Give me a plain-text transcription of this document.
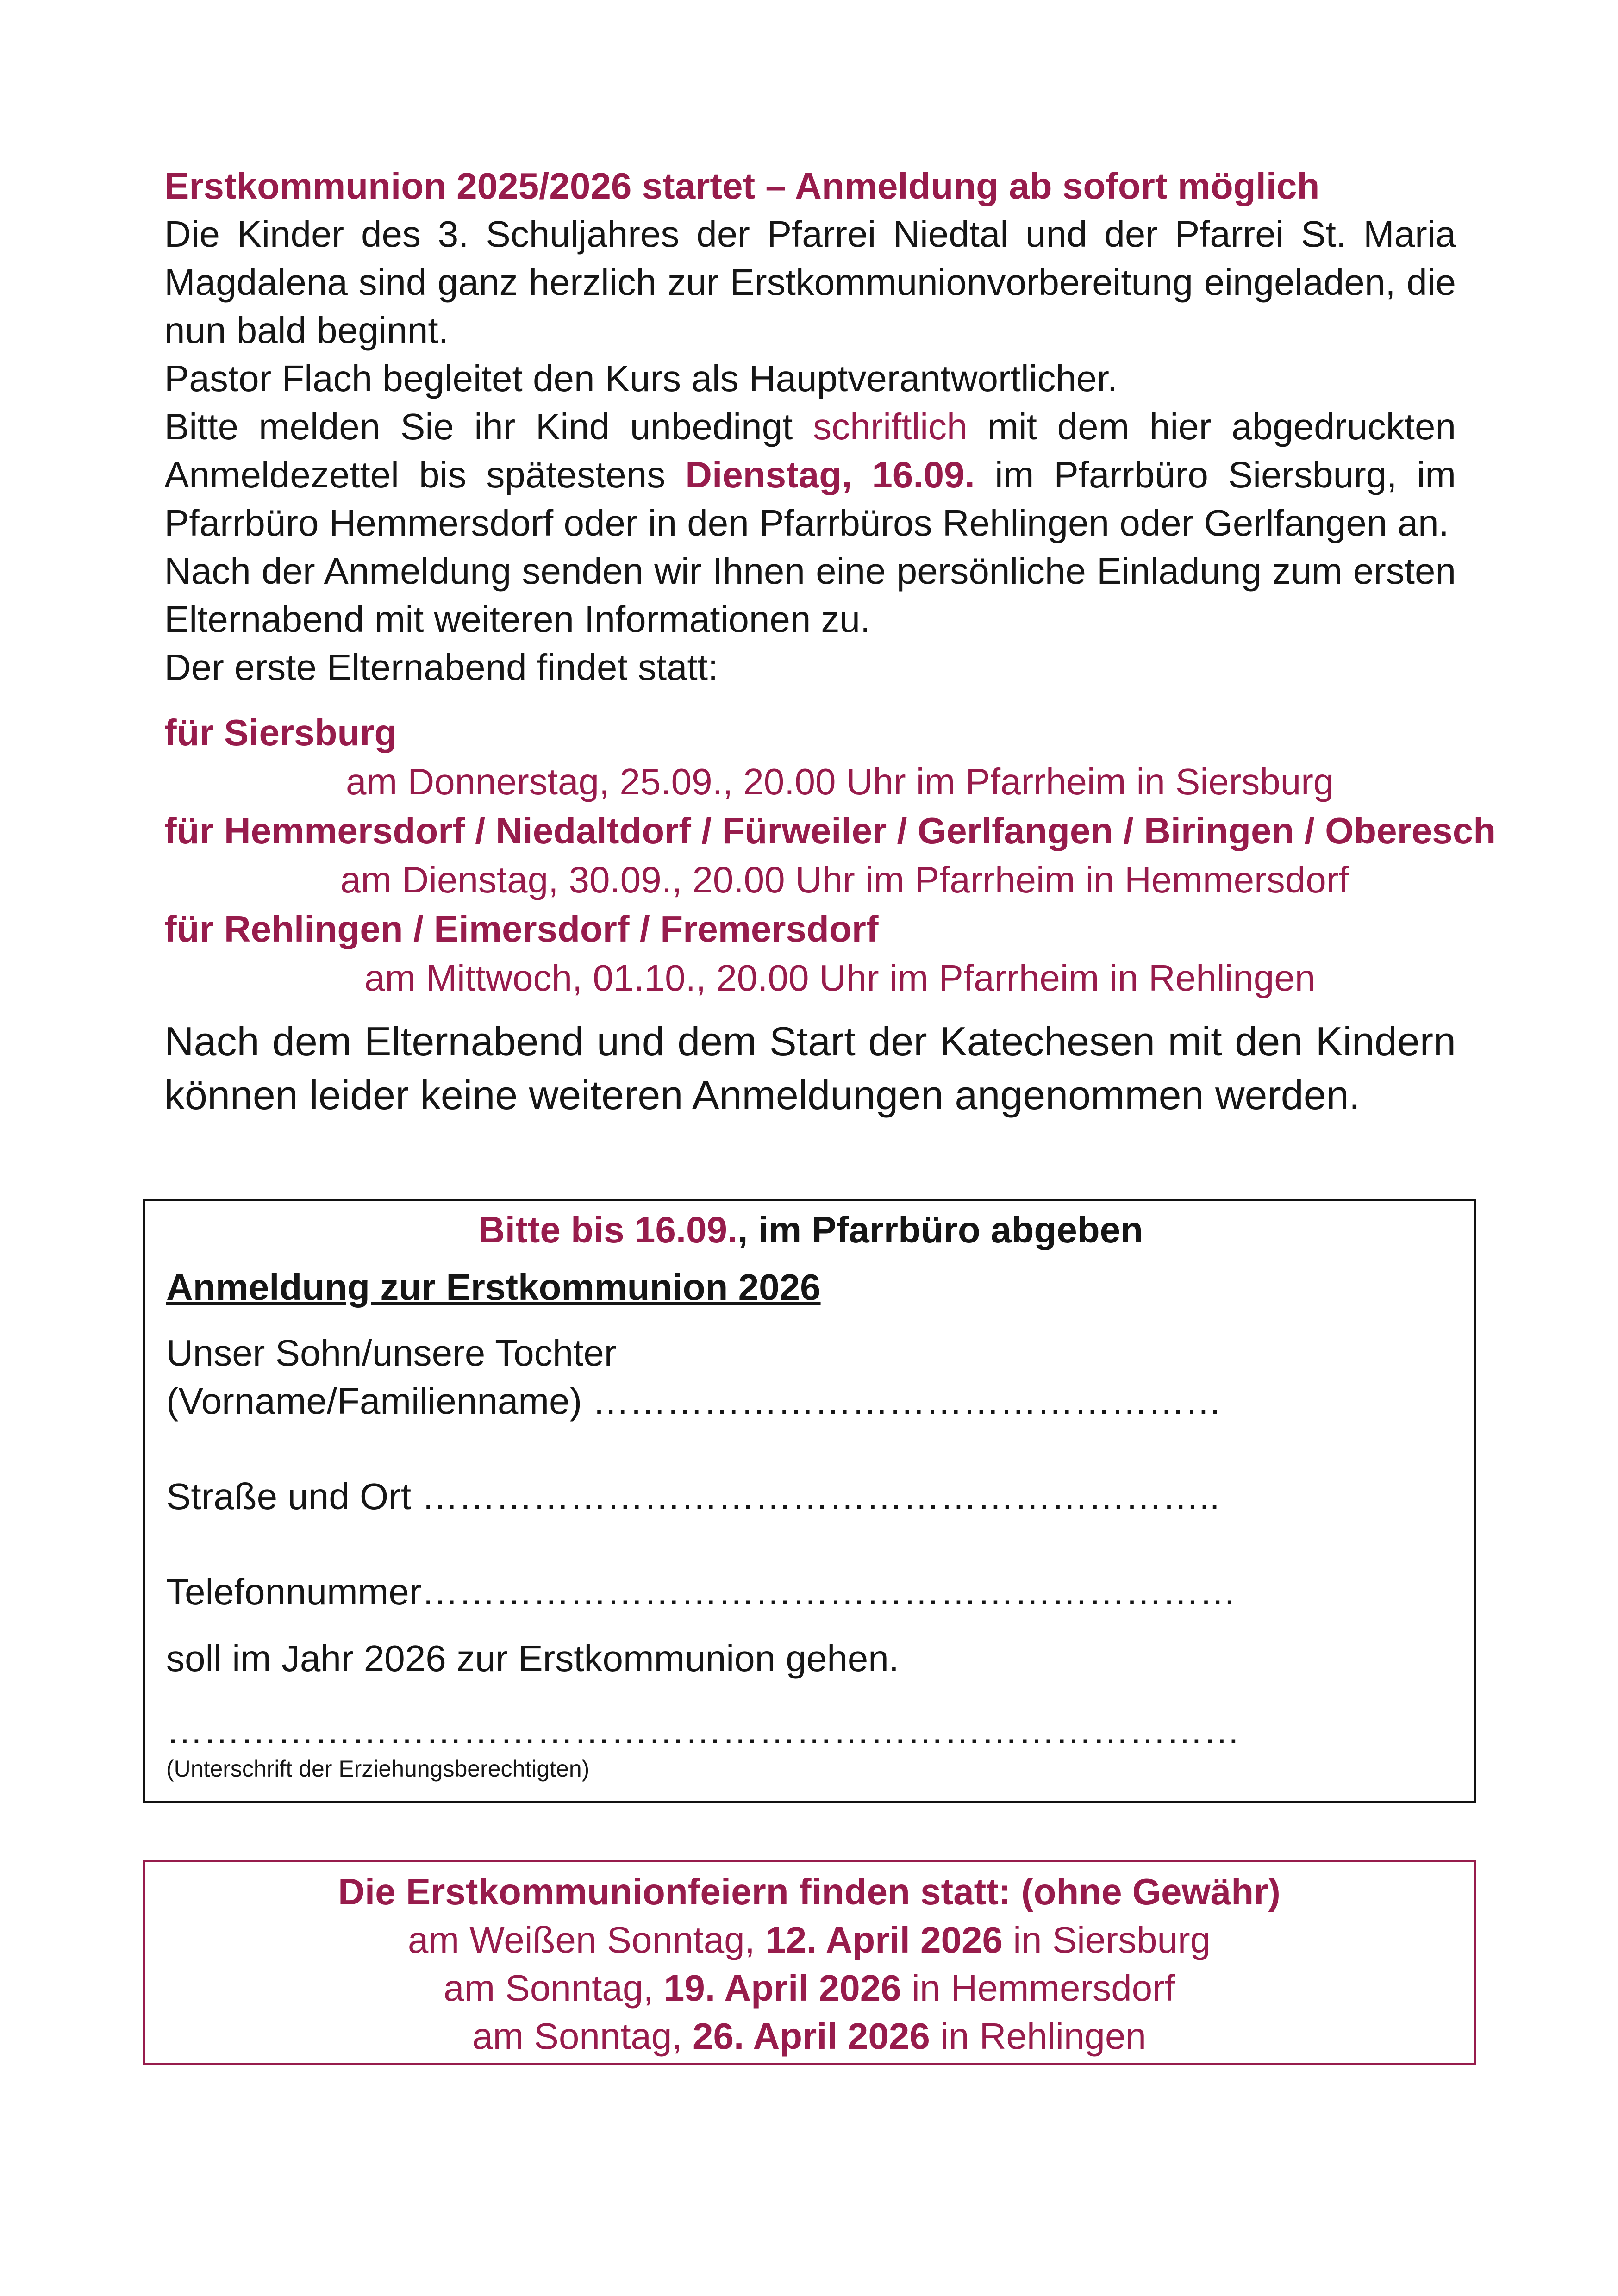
Erstkommunion 2025/2026 startet – Anmeldung ab sofort möglich

Die Kinder des 3. Schuljahres der Pfarrei Niedtal und der Pfarrei St. Maria Magdalena sind ganz herzlich zur Erstkommunionvorbereitung eingeladen, die nun bald beginnt.

Pastor Flach begleitet den Kurs als Hauptverantwortlicher.

Bitte melden Sie ihr Kind unbedingt schriftlich mit dem hier abgedruckten Anmeldezettel bis spätestens Dienstag, 16.09. im Pfarrbüro Siersburg, im Pfarrbüro Hemmersdorf oder in den Pfarrbüros Rehlingen oder Gerlfangen an.

Nach der Anmeldung senden wir Ihnen eine persönliche Einladung zum ersten Elternabend mit weiteren Informationen zu.

Der erste Elternabend findet statt:

für Siersburg

am Donnerstag, 25.09., 20.00 Uhr im Pfarrheim in Siersburg

für Hemmersdorf / Niedaltdorf / Fürweiler / Gerlfangen / Biringen / Oberesch

am Dienstag, 30.09., 20.00 Uhr im Pfarrheim in Hemmersdorf

für Rehlingen / Eimersdorf / Fremersdorf

am Mittwoch, 01.10., 20.00 Uhr im Pfarrheim in Rehlingen

Nach dem Elternabend und dem Start der Katechesen mit den Kindern können leider keine weiteren Anmeldungen angenommen werden.

Bitte bis 16.09., im Pfarrbüro abgeben

Anmeldung zur Erstkommunion 2026

Unser Sohn/unsere Tochter

(Vorname/Familienname) ……………………………………………

Straße und Ort ………………………………………………………..

Telefonnummer…………………………………………………………

soll im Jahr 2026 zur Erstkommunion gehen.

……………………………………………………………………………

(Unterschrift der Erziehungsberechtigten)

Die Erstkommunionfeiern finden statt: (ohne Gewähr)

am Weißen Sonntag, 12. April 2026 in Siersburg

am Sonntag, 19. April 2026 in Hemmersdorf

am Sonntag, 26. April 2026 in Rehlingen
